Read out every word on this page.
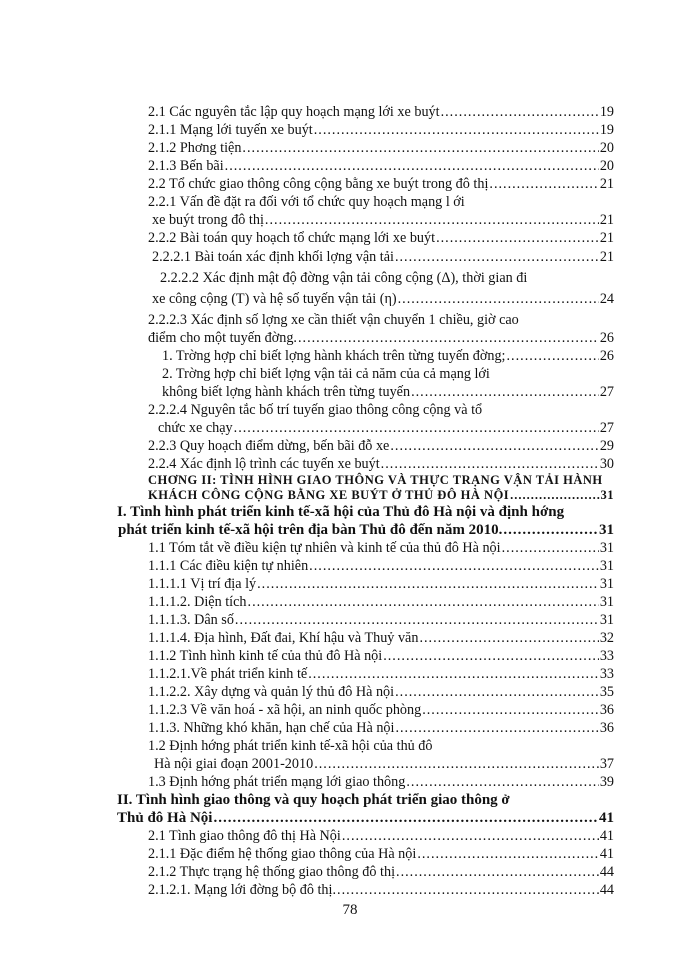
2.1 Các nguyên tắc lập quy hoạch mạng lới xe buýt .....	19
2.1.1 Mạng lới tuyến xe buýt .....	19
2.1.2 Phơng tiện .....	20
2.1.3 Bến bãi .....	20
2.2 Tổ chức giao thông công cộng bằng xe buýt trong đô thị .....	21
2.2.1 Vấn đề đặt ra đối với tổ chức quy hoạch mạng l ới
xe buýt trong đô thị .....	21
2.2.2 Bài toán quy hoạch tổ chức mạng lới xe buýt .....	21
2.2.2.1 Bài toán xác định khối lợng vận tải .....	21
2.2.2.2 Xác định mật độ đờng vận tải công cộng (Δ), thời gian đi
xe công cộng (T) và hệ số tuyến vận tải (η) .....	24
2.2.2.3 Xác định số lợng xe cần thiết vận chuyển 1 chiều, giờ cao
điểm cho một tuyến đờng. .....	26
1. Trờng hợp chỉ biết lợng hành khách trên từng tuyến đờng; .....	26
2. Trờng hợp chỉ biết lợng vận tải cả năm của cả mạng lới
không biết lợng hành khách trên từng tuyến .....	27
2.2.2.4 Nguyên tắc bố trí tuyến giao thông công cộng và tổ
chức xe chạy .....	27
2.2.3 Quy hoạch điểm dừng, bến bãi đỗ xe .....	29
2.2.4 Xác định lộ trình các tuyến xe buýt .....	30
CHƠNG II: TÌNH HÌNH GIAO THÔNG VÀ THỰC TRẠNG VẬN TẢI HÀNH
KHÁCH CÔNG CỘNG BẰNG XE BUÝT Ở THỦ ĐÔ HÀ NỘI .....	31
I. Tình hình phát triển kinh tế-xã hội của Thủ đô Hà nội và định hớng
phát triển kinh tế-xã hội trên địa bàn Thủ đô đến năm 2010. .....	31
1.1 Tóm tắt về điều kiện tự nhiên và kinh tế của thủ đô Hà nội .....	31
1.1.1 Các điều kiện tự nhiên .....	31
1.1.1.1 Vị trí địa lý .....	31
1.1.1.2. Diện tích .....	31
1.1.1.3. Dân số .....	31
1.1.1.4. Địa hình, Đất đai, Khí hậu và Thuỷ văn .....	32
1.1.2 Tình hình kinh tế của thủ đô Hà nội .....	33
1.1.2.1.Về phát triển kinh tế .....	33
1.1.2.2. Xây dựng và quản lý thủ đô Hà nội .....	35
1.1.2.3 Về văn hoá - xã hội, an ninh quốc phòng .....	36
1.1.3. Những khó khăn, hạn chế của Hà nội .....	36
1.2 Định hớng phát triển kinh tế-xã hội của thủ đô
Hà nội giai đoạn 2001-2010 .....	37
1.3 Định hớng phát triển mạng lới giao thông .....	39
II. Tình hình giao thông và quy hoạch phát triển giao thông ở
Thủ đô Hà Nội .....	41
2.1 Tình giao thông đô thị Hà Nội .....	41
2.1.1 Đặc điểm hệ thống giao thông của Hà nội .....	41
2.1.2 Thực trạng hệ thống giao thông đô thị .....	44
2.1.2.1. Mạng lới đờng bộ đô thị. .....	44
78
